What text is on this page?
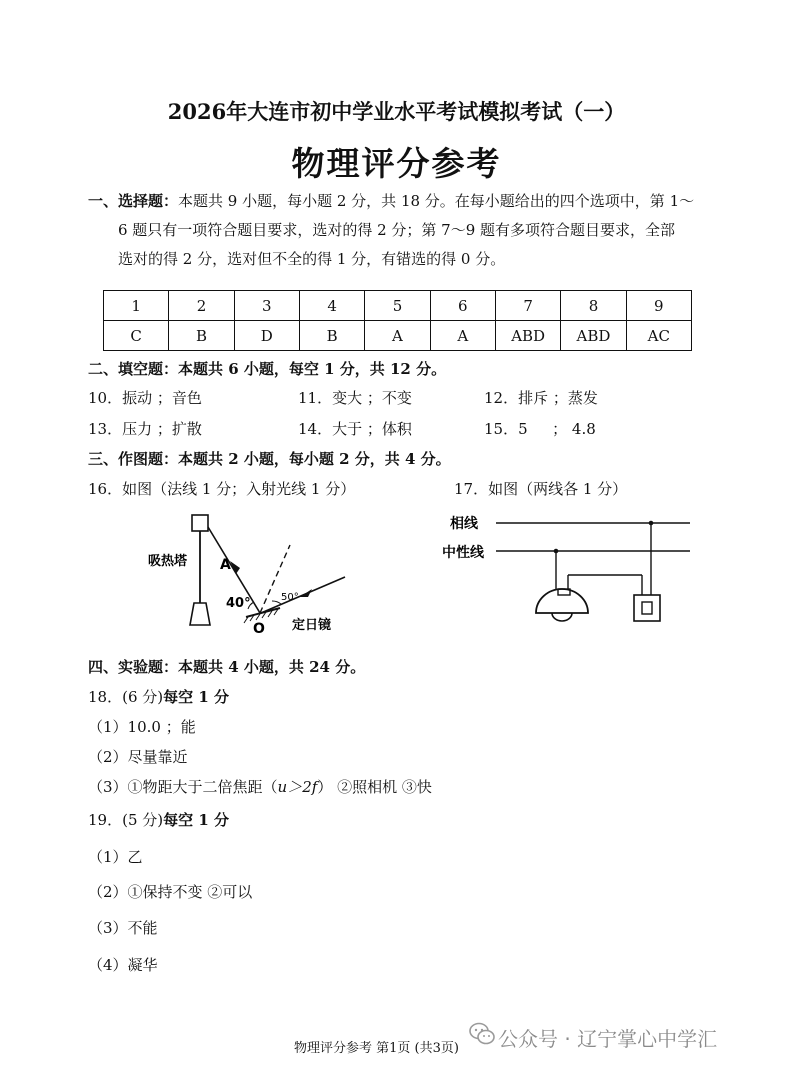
2026年大连市初中学业水平考试模拟考试（一）
物理评分参考
一、选择题：本题共 9 小题，每小题 2 分，共 18 分。在每小题给出的四个选项中，第 1～
6 题只有一项符合题目要求，选对的得 2 分；第 7～9 题有多项符合题目要求，全部
选对的得 2 分，选对但不全的得 1 分，有错选的得 0 分。
1	2	3	4	5	6	7	8	9
C	B	D	B	A	A	ABD	ABD	AC
二、填空题：本题共 6 小题，每空 1 分，共 12 分。
10．振动 ；音色	11．变大 ；不变	12．排斥 ；蒸发
13．压力 ；扩散	14．大于 ；体积	15．5 　 ； 4.8
三、作图题：本题共 2 小题，每小题 2 分，共 4 分。
16．如图（法线 1 分；入射光线 1 分）	17．如图（两线各 1 分）
吸热塔 A
40°	50°
O 定日镜
相线
中性线
四、实验题：本题共 4 小题，共 24 分。
18．(6 分)每空 1 分
（1）10.0 ；能
（2）尽量靠近
（3）①物距大于二倍焦距（u＞2f） ②照相机 ③快
19．(5 分)每空 1 分
（1）乙
（2）①保持不变 ②可以
（3）不能
（4）凝华
物理评分参考 第1页 (共3页) 公众号 · 辽宁掌心中学汇
